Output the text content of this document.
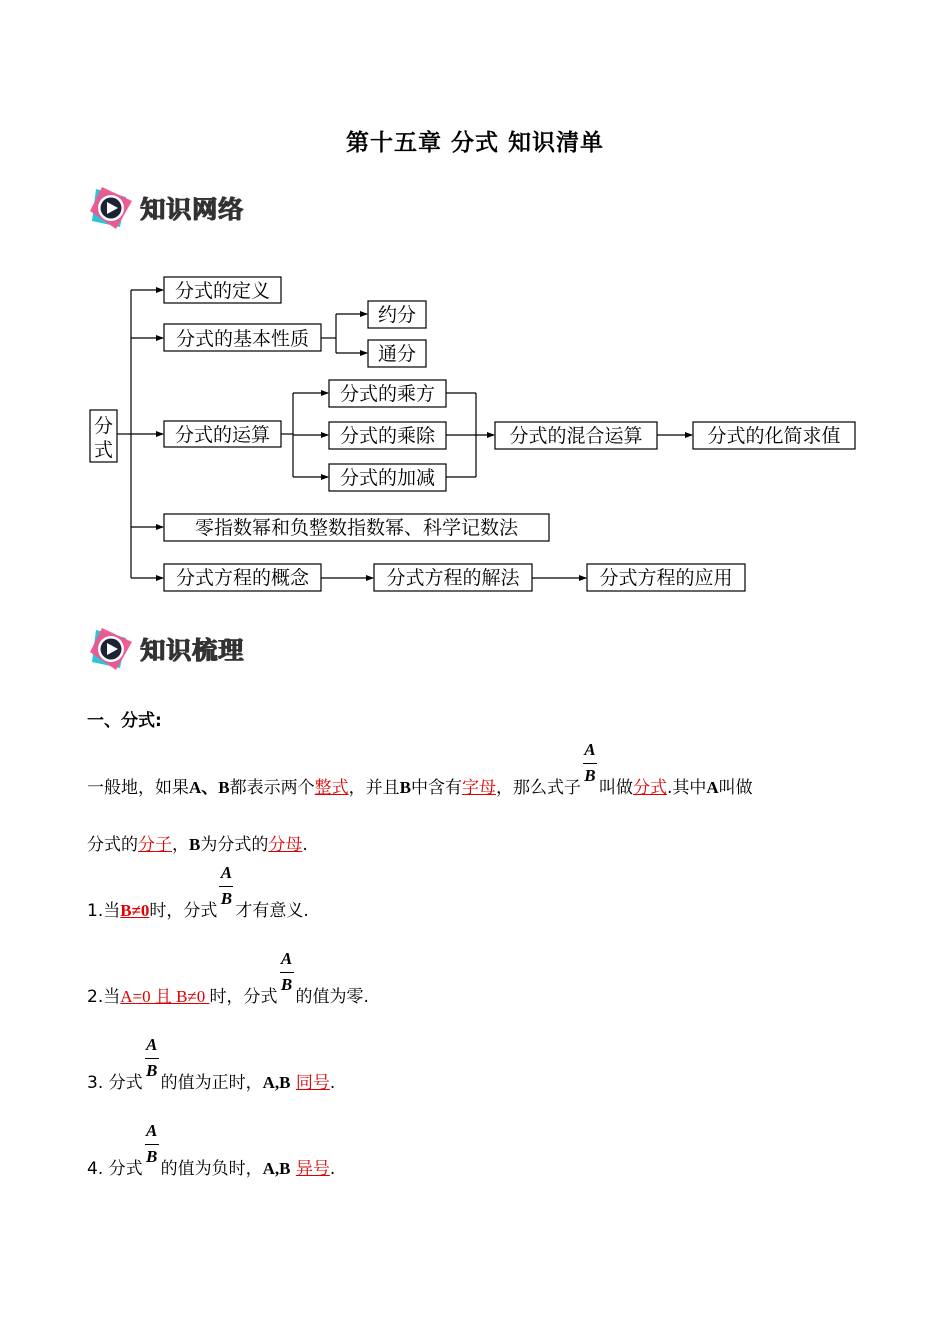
第十五章 分式 知识清单
知识网络
分
式
分式的定义
分式的基本性质
约分
通分
分式的运算
分式的乘方
分式的乘除
分式的加减
分式的混合运算	分式的化简求值
零指数幂和负整数指数幂、科学记数法
分式方程的概念	分式方程的解法	分式方程的应用
知识梳理
一、分式:
一般地，如果A、B都表示两个整式，并且B中含有字母，那么式子 $\frac{A}{B}$ 叫做分式.其中A叫做
分式的分子，B为分式的分母.
1.当B≠0时，分式 $\frac{A}{B}$ 才有意义.
2.当A=0 且 B≠0 时，分式 $\frac{A}{B}$ 的值为零.
3. 分式 $\frac{A}{B}$ 的值为正时，A,B 同号.
4. 分式 $\frac{A}{B}$ 的值为负时，A,B 异号.
